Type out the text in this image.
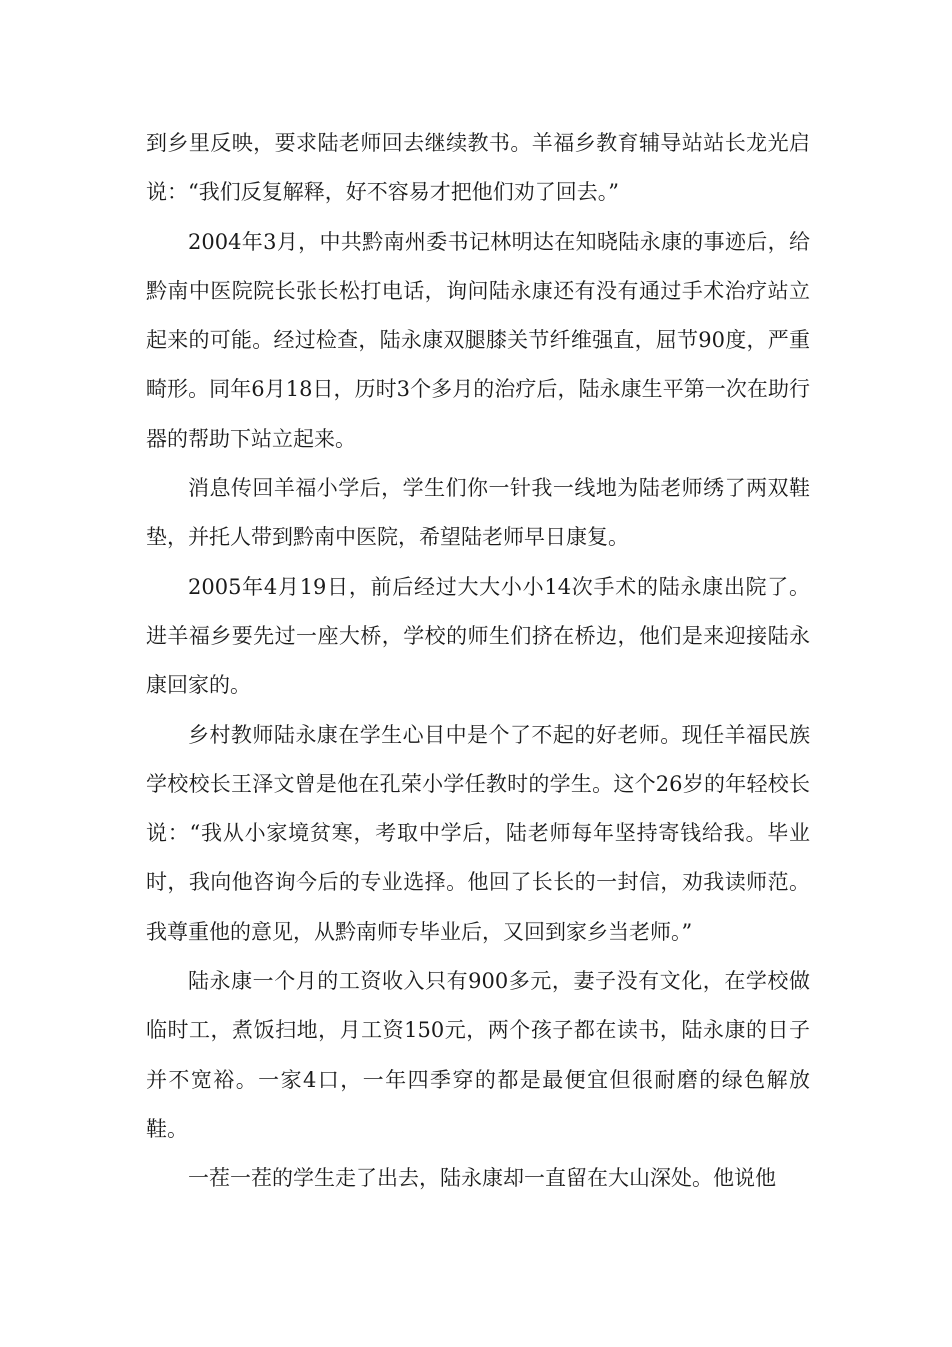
到乡里反映，要求陆老师回去继续教书。羊福乡教育辅导站站长龙光启说：“我们反复解释，好不容易才把他们劝了回去。”

2004年3月，中共黔南州委书记林明达在知晓陆永康的事迹后，给黔南中医院院长张长松打电话，询问陆永康还有没有通过手术治疗站立起来的可能。经过检查，陆永康双腿膝关节纤维强直，屈节90度，严重畸形。同年6月18日，历时3个多月的治疗后，陆永康生平第一次在助行器的帮助下站立起来。

消息传回羊福小学后，学生们你一针我一线地为陆老师绣了两双鞋垫，并托人带到黔南中医院，希望陆老师早日康复。

2005年4月19日，前后经过大大小小14次手术的陆永康出院了。进羊福乡要先过一座大桥，学校的师生们挤在桥边，他们是来迎接陆永康回家的。

乡村教师陆永康在学生心目中是个了不起的好老师。现任羊福民族学校校长王泽文曾是他在孔荣小学任教时的学生。这个26岁的年轻校长说：“我从小家境贫寒，考取中学后，陆老师每年坚持寄钱给我。毕业时，我向他咨询今后的专业选择。他回了长长的一封信，劝我读师范。我尊重他的意见，从黔南师专毕业后，又回到家乡当老师。”

陆永康一个月的工资收入只有900多元，妻子没有文化，在学校做临时工，煮饭扫地，月工资150元，两个孩子都在读书，陆永康的日子并不宽裕。一家4口，一年四季穿的都是最便宜但很耐磨的绿色解放鞋。

一茬一茬的学生走了出去，陆永康却一直留在大山深处。他说他
